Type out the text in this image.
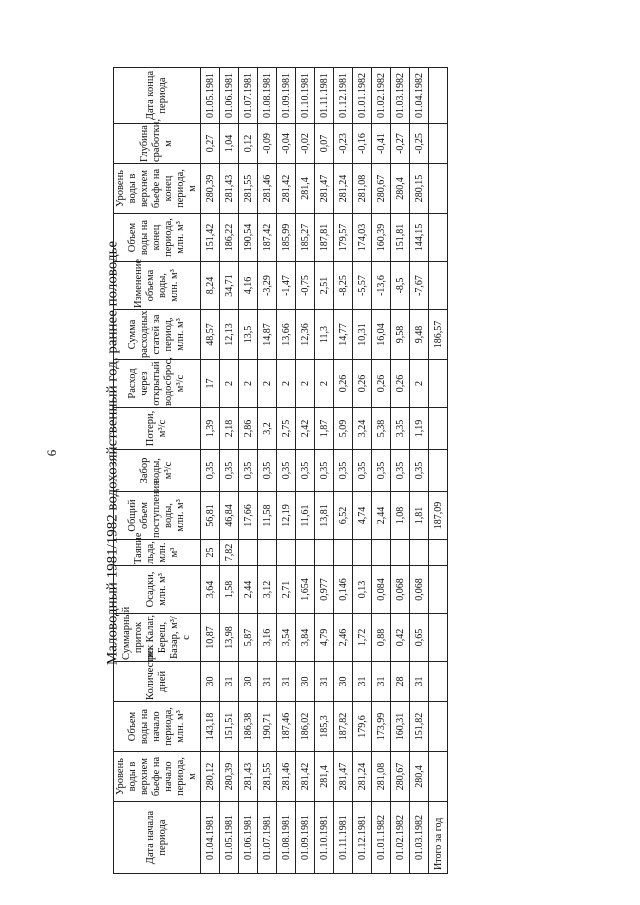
6	Маловодный 1981/1982 водохозяйственный год, раннее половодье
Дата начала периода	Уровень воды в верхнем бьефе на начало периода, м	Объем воды на начало периода, млн. м³	Количество дней	Суммарный приток рек Калаг, Береш, Базар, м³/с	Осадки, млн. м³	Таяние льда, млн. м³	Общий объем поступления воды, млн. м³	Забор воды, м³/с	Потери, м³/с	Расход через открытый водосброс, м³/с	Сумма расходных статей за период, млн. м³	Изменение объема воды, млн. м³	Объем воды на конец периода, млн. м³	Уровень воды в верхнем бьефе на конец периода, м	Глубина сработки, м	Дата конца периода
01.04.1981	280,12	143,18	30	10,87	3,64	25	56,81	0,35	1,39	17	48,57	8,24	151,42	280,39	0,27	01.05.1981
01.05.1981	280,39	151,51	31	13,98	1,58	7,82	46,84	0,35	2,18	2	12,13	34,71	186,22	281,43	1,04	01.06.1981
01.06.1981	281,43	186,38	30	5,87	2,44		17,66	0,35	2,86	2	13,5	4,16	190,54	281,55	0,12	01.07.1981
01.07.1981	281,55	190,71	31	3,16	3,12		11,58	0,35	3,2	2	14,87	-3,29	187,42	281,46	-0,09	01.08.1981
01.08.1981	281,46	187,46	31	3,54	2,71		12,19	0,35	2,75	2	13,66	-1,47	185,99	281,42	-0,04	01.09.1981
01.09.1981	281,42	186,02	30	3,84	1,654		11,61	0,35	2,42	2	12,36	-0,75	185,27	281,4	-0,02	01.10.1981
01.10.1981	281,4	185,3	31	4,79	0,977		13,81	0,35	1,87	2	11,3	2,51	187,81	281,47	0,07	01.11.1981
01.11.1981	281,47	187,82	30	2,46	0,146		6,52	0,35	5,09	0,26	14,77	-8,25	179,57	281,24	-0,23	01.12.1981
01.12.1981	281,24	179,6	31	1,72	0,13		4,74	0,35	3,24	0,26	10,31	-5,57	174,03	281,08	-0,16	01.01.1982
01.01.1982	281,08	173,99	31	0,88	0,084		2,44	0,35	5,38	0,26	16,04	-13,6	160,39	280,67	-0,41	01.02.1982
01.02.1982	280,67	160,31	28	0,42	0,068		1,08	0,35	3,35	0,26	9,58	-8,5	151,81	280,4	-0,27	01.03.1982
01.03.1982	280,4	151,82	31	0,65	0,068		1,81	0,35	1,19	2	9,48	-7,67	144,15	280,15	-0,25	01.04.1982
Итого за год							187,09				186,57					
